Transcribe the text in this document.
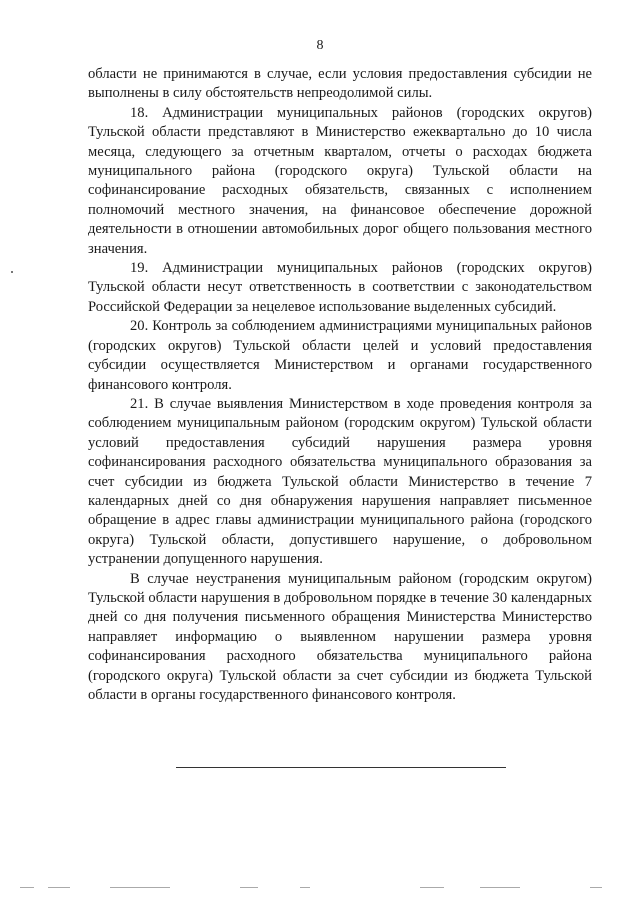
8

области не принимаются в случае, если условия предоставления субсидии не выполнены в силу обстоятельств непреодолимой силы.

18. Администрации муниципальных районов (городских округов) Тульской области представляют в Министерство ежеквартально до 10 числа месяца, следующего за отчетным кварталом, отчеты о расходах бюджета муниципального района (городского округа) Тульской области на софинансирование расходных обязательств, связанных с исполнением полномочий местного значения, на финансовое обеспечение дорожной деятельности в отношении автомобильных дорог общего пользования местного значения.

19. Администрации муниципальных районов (городских округов) Тульской области несут ответственность в соответствии с законодательством Российской Федерации за нецелевое использование выделенных субсидий.

20. Контроль за соблюдением администрациями муниципальных районов (городских округов) Тульской области целей и условий предоставления субсидии осуществляется Министерством и органами государственного финансового контроля.

21. В случае выявления Министерством в ходе проведения контроля за соблюдением муниципальным районом (городским округом) Тульской области условий предоставления субсидий нарушения размера уровня софинансирования расходного обязательства муниципального образования за счет субсидии из бюджета Тульской области Министерство в течение 7 календарных дней со дня обнаружения нарушения направляет письменное обращение в адрес главы администрации муниципального района (городского округа) Тульской области, допустившего нарушение, о добровольном устранении допущенного нарушения.

В случае неустранения муниципальным районом (городским округом) Тульской области нарушения в добровольном порядке в течение 30 календарных дней со дня получения письменного обращения Министерства Министерство направляет информацию о выявленном нарушении размера уровня софинансирования расходного обязательства муниципального района (городского округа) Тульской области за счет субсидии из бюджета Тульской области в органы государственного финансового контроля.
